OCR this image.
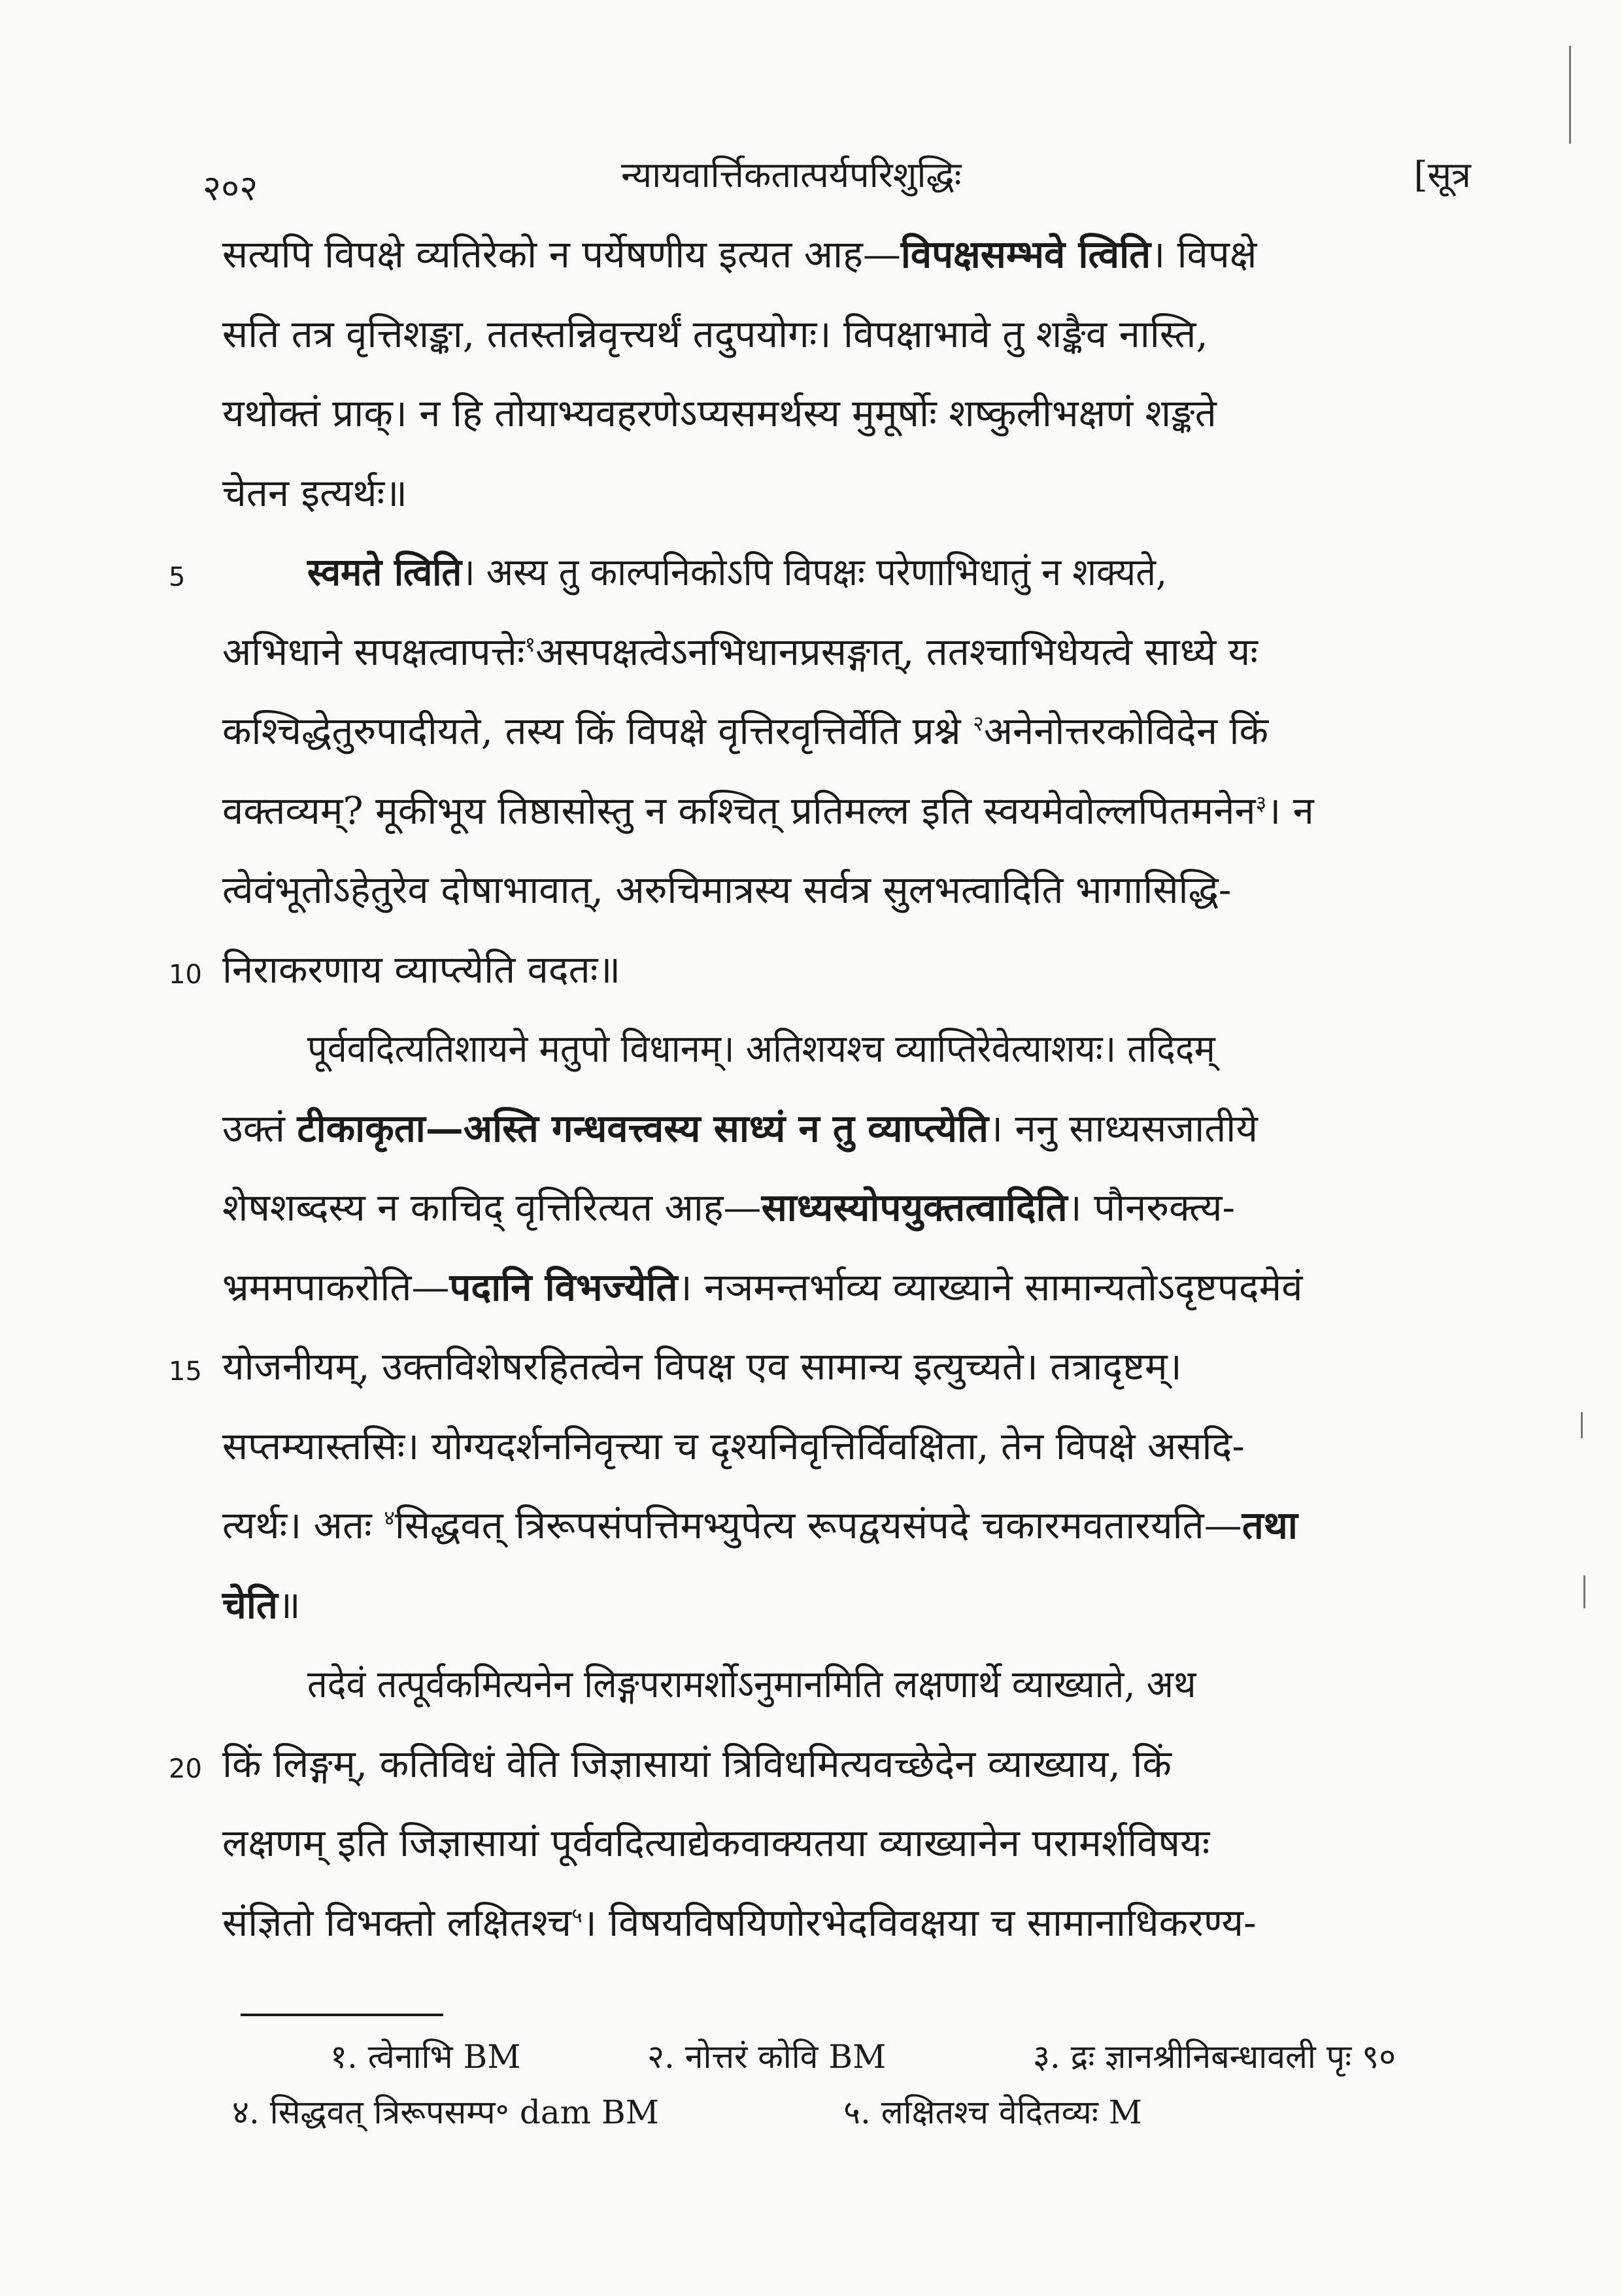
२०२	न्यायवार्त्तिकतात्पर्यपरिशुद्धिः	[सूत्र
सत्यपि विपक्षे व्यतिरेको न पर्येषणीय इत्यत आह—विपक्षसम्भवे त्विति। विपक्षे
सति तत्र वृत्तिशङ्का, ततस्तन्निवृत्त्यर्थं तदुपयोगः। विपक्षाभावे तु शङ्कैव नास्ति,
यथोक्तं प्राक्। न हि तोयाभ्यवहरणेऽप्यसमर्थस्य मुमूर्षोः शष्कुलीभक्षणं शङ्कते
चेतन इत्यर्थः॥
स्वमते त्विति। अस्य तु काल्पनिकोऽपि विपक्षः परेणाभिधातुं न शक्यते,
5
अभिधाने सपक्षत्वापत्तेः$^१$असपक्षत्वेऽनभिधानप्रसङ्गात्, ततश्चाभिधेयत्वे साध्ये यः
कश्चिद्धेतुरुपादीयते, तस्य किं विपक्षे वृत्तिरवृत्तिर्वेति प्रश्ने $^२$अनेनोत्तरकोविदेन किं
वक्तव्यम्? मूकीभूय तिष्ठासोस्तु न कश्चित् प्रतिमल्ल इति स्वयमेवोल्लपितमनेन$^३$। न
त्वेवंभूतोऽहेतुरेव दोषाभावात्, अरुचिमात्रस्य सर्वत्र सुलभत्वादिति भागासिद्धि-
निराकरणाय व्याप्त्येति वदतः॥
10
पूर्ववदित्यतिशायने मतुपो विधानम्। अतिशयश्च व्याप्तिरेवेत्याशयः। तदिदम्
उक्तं टीकाकृता—अस्ति गन्धवत्त्वस्य साध्यं न तु व्याप्त्येति। ननु साध्यसजातीये
शेषशब्दस्य न काचिद् वृत्तिरित्यत आह—साध्यस्योपयुक्तत्वादिति। पौनरुक्त्य-
भ्रममपाकरोति—पदानि विभज्येति। नञमन्तर्भाव्य व्याख्याने सामान्यतोऽदृष्टपदमेवं
योजनीयम्, उक्तविशेषरहितत्वेन विपक्ष एव सामान्य इत्युच्यते। तत्रादृष्टम्।
15
सप्तम्यास्तसिः। योग्यदर्शननिवृत्त्या च दृश्यनिवृत्तिर्विवक्षिता, तेन विपक्षे असदि-
त्यर्थः। अतः $^४$सिद्धवत् त्रिरूपसंपत्तिमभ्युपेत्य रूपद्वयसंपदे चकारमवतारयति—तथा
चेति॥
तदेवं तत्पूर्वकमित्यनेन लिङ्गपरामर्शोऽनुमानमिति लक्षणार्थे व्याख्याते, अथ
किं लिङ्गम्, कतिविधं वेति जिज्ञासायां त्रिविधमित्यवच्छेदेन व्याख्याय, किं
20
लक्षणम् इति जिज्ञासायां पूर्ववदित्याद्येकवाक्यतया व्याख्यानेन परामर्शविषयः
संज्ञितो विभक्तो लक्षितश्च$^५$। विषयविषयिणोरभेदविवक्षया च सामानाधिकरण्य-
१. त्वेनाभि BM	२. नोत्तरं कोवि BM	३. द्रः ज्ञानश्रीनिबन्धावली पृः ९०
४. सिद्धवत् त्रिरूपसम्प॰ dam BM	५. लक्षितश्च वेदितव्यः M
